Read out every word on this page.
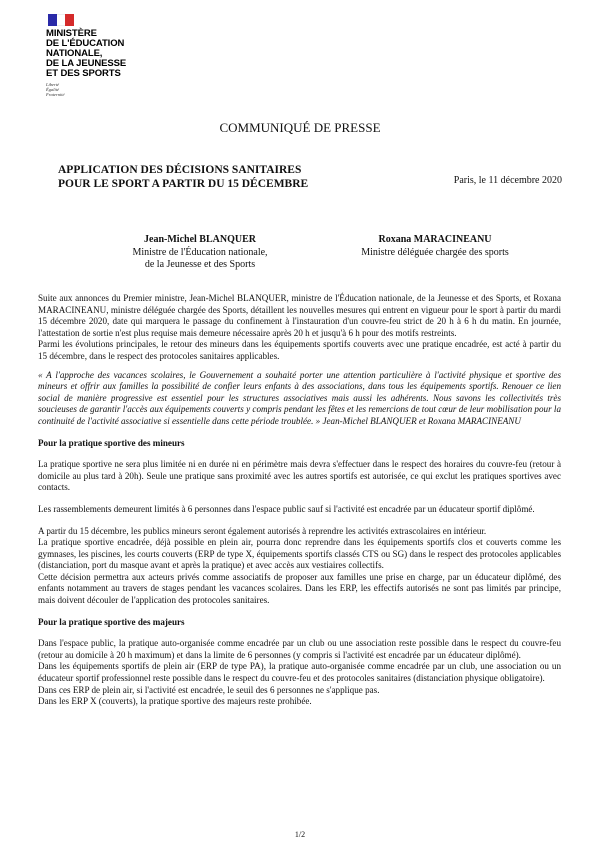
MINISTÈRE
DE L'ÉDUCATION
NATIONALE,
DE LA JEUNESSE
ET DES SPORTS
Liberté
Égalité
Fraternité
COMMUNIQUÉ DE PRESSE
APPLICATION DES DÉCISIONS SANITAIRES
POUR LE SPORT A PARTIR DU 15 DÉCEMBRE	Paris, le 11 décembre 2020
Jean-Michel BLANQUER
Ministre de l'Éducation nationale,
de la Jeunesse et des Sports
Roxana MARACINEANU
Ministre déléguée chargée des sports

Suite aux annonces du Premier ministre, Jean-Michel BLANQUER, ministre de l'Éducation nationale, de la Jeunesse et des Sports, et Roxana MARACINEANU, ministre déléguée chargée des Sports, détaillent les nouvelles mesures qui entrent en vigueur pour le sport à partir du mardi 15 décembre 2020, date qui marquera le passage du confinement à l'instauration d'un couvre-feu strict de 20 h à 6 h du matin. En journée, l'attestation de sortie n'est plus requise mais demeure nécessaire après 20 h et jusqu'à 6 h pour des motifs restreints.

Parmi les évolutions principales, le retour des mineurs dans les équipements sportifs couverts avec une pratique encadrée, est acté à partir du 15 décembre, dans le respect des protocoles sanitaires applicables.

« A l'approche des vacances scolaires, le Gouvernement a souhaité porter une attention particulière à l'activité physique et sportive des mineurs et offrir aux familles la possibilité de confier leurs enfants à des associations, dans tous les équipements sportifs. Renouer ce lien social de manière progressive est essentiel pour les structures associatives mais aussi les adhérents. Nous savons les collectivités très soucieuses de garantir l'accès aux équipements couverts y compris pendant les fêtes et les remercions de tout cœur de leur mobilisation pour la continuité de l'activité associative si essentielle dans cette période troublée. » Jean-Michel BLANQUER et Roxana MARACINEANU

Pour la pratique sportive des mineurs

La pratique sportive ne sera plus limitée ni en durée ni en périmètre mais devra s'effectuer dans le respect des horaires du couvre-feu (retour à domicile au plus tard à 20h). Seule une pratique sans proximité avec les autres sportifs est autorisée, ce qui exclut les pratiques sportives avec contacts.

Les rassemblements demeurent limités à 6 personnes dans l'espace public sauf si l'activité est encadrée par un éducateur sportif diplômé.

A partir du 15 décembre, les publics mineurs seront également autorisés à reprendre les activités extrascolaires en intérieur.

La pratique sportive encadrée, déjà possible en plein air, pourra donc reprendre dans les équipements sportifs clos et couverts comme les gymnases, les piscines, les courts couverts (ERP de type X, équipements sportifs classés CTS ou SG) dans le respect des protocoles applicables (distanciation, port du masque avant et après la pratique) et avec accès aux vestiaires collectifs.

Cette décision permettra aux acteurs privés comme associatifs de proposer aux familles une prise en charge, par un éducateur diplômé, des enfants notamment au travers de stages pendant les vacances scolaires. Dans les ERP, les effectifs autorisés ne sont pas limités par principe, mais doivent découler de l'application des protocoles sanitaires.

Pour la pratique sportive des majeurs

Dans l'espace public, la pratique auto-organisée comme encadrée par un club ou une association reste possible dans le respect du couvre-feu (retour au domicile à 20 h maximum) et dans la limite de 6 personnes (y compris si l'activité est encadrée par un éducateur diplômé).

Dans les équipements sportifs de plein air (ERP de type PA), la pratique auto-organisée comme encadrée par un club, une association ou un éducateur sportif professionnel reste possible dans le respect du couvre-feu et des protocoles sanitaires (distanciation physique obligatoire).

Dans ces ERP de plein air, si l'activité est encadrée, le seuil des 6 personnes ne s'applique pas.

Dans les ERP X (couverts), la pratique sportive des majeurs reste prohibée.

1/2
